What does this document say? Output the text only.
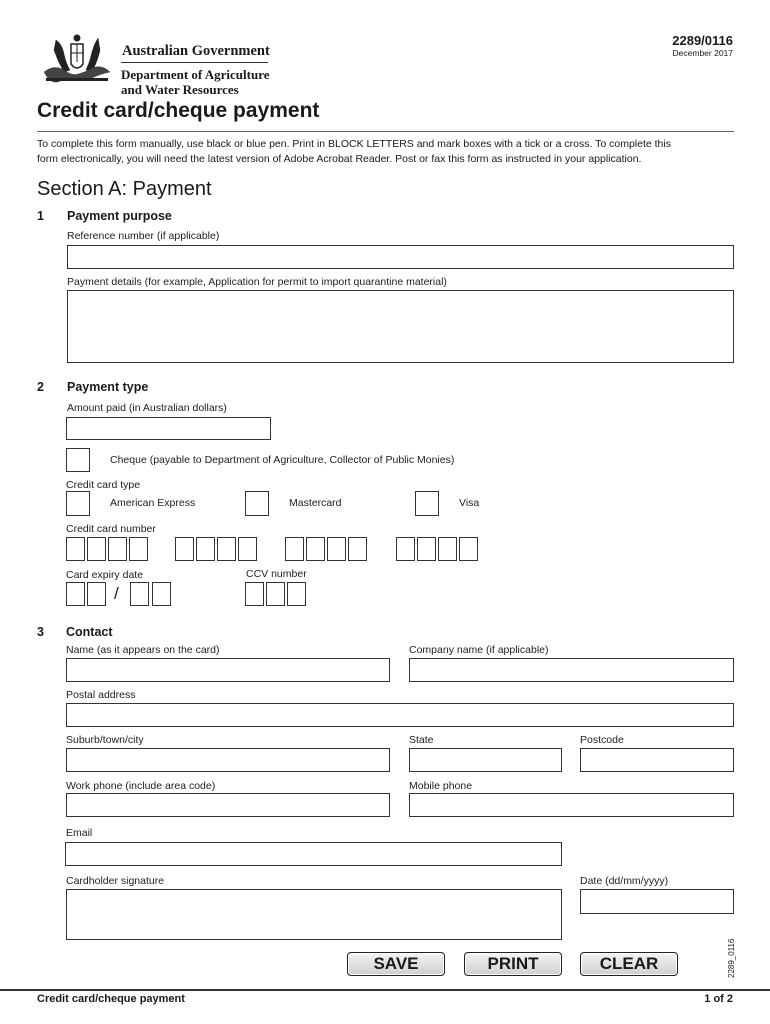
Australian Government
Department of Agriculture
and Water Resources
2289/0116
December 2017
Credit card/cheque payment
To complete this form manually, use black or blue pen. Print in BLOCK LETTERS and mark boxes with a tick or a cross. To complete this
form electronically, you will need the latest version of Adobe Acrobat Reader. Post or fax this form as instructed in your application.
Section A: Payment
1 Payment purpose
Reference number (if applicable)
Payment details (for example, Application for permit to import quarantine material)
2 Payment type
Amount paid (in Australian dollars)
Cheque (payable to Department of Agriculture, Collector of Public Monies)
Credit card type
American Express	Mastercard	Visa
Credit card number
Card expiry date	CCV number
/
3 Contact
Name (as it appears on the card)	Company name (if applicable)
Postal address
Suburb/town/city	State	Postcode
Work phone (include area code)	Mobile phone
Email
Cardholder signature	Date (dd/mm/yyyy)
SAVE	PRINT	CLEAR	2289_0116
Credit card/cheque payment	1 of 2
